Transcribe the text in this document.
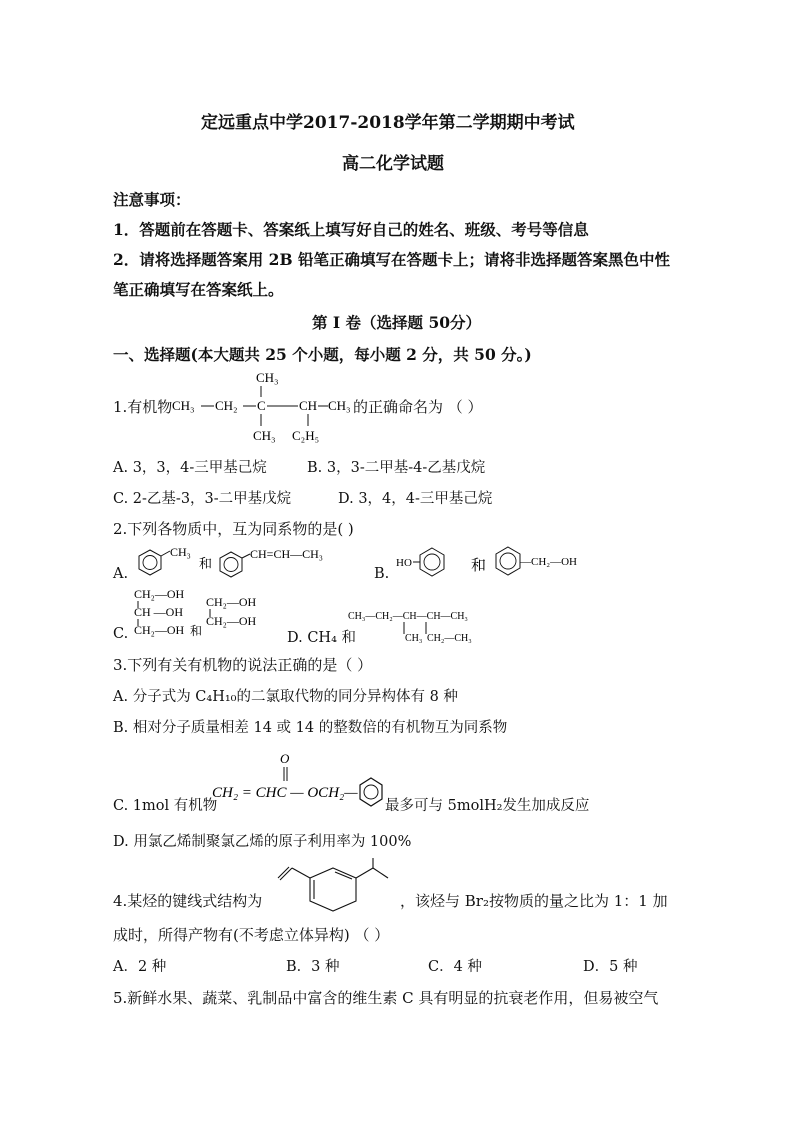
定远重点中学2017-2018学年第二学期期中考试
高二化学试题
注意事项：
1．答题前在答题卡、答案纸上填写好自己的姓名、班级、考号等信息
2．请将选择题答案用 2B 铅笔正确填写在答题卡上；请将非选择题答案黑色中性
笔正确填写在答案纸上。
第 I 卷（选择题 50分）
一、选择题(本大题共 25 个小题，每小题 2 分，共 50 分。)
1.有机物
CH₃
CH₃ CH₂ C	CH CH₃
CH₃ C₂H₅
的正确命名为 （ ）
A. 3，3，4-三甲基己烷	B. 3，3-二甲基-4-乙基戊烷
C. 2-乙基-3，3-二甲基戊烷	D. 3，4，4-三甲基己烷
2.下列各物质中，互为同系物的是( )
A.
CH₃
和
CH=CH—CH₃
B.
HO	和	—CH₂—OH
C.
CH₂—OH
CH —OH
CH₂—OH 和
CH₂—OH
CH₂—OH
D. CH₄ 和
CH₃—CH₂—CH—CH—CH₃
CH₃ CH₂—CH₃
3.下列有关有机物的说法正确的是（ ）
A. 分子式为 C₄H₁₀的二氯取代物的同分异构体有 8 种
B. 相对分子质量相差 14 或 14 的整数倍的有机物互为同系物
C. 1mol 有机物
O
CH₂ = CHC — OCH₂—
最多可与 5molH₂发生加成反应
D. 用氯乙烯制聚氯乙烯的原子利用率为 100%
4.某烃的键线式结构为	，该烃与 Br₂按物质的量之比为 1：1 加
成时，所得产物有(不考虑立体异构) （ ）
A．2 种	B．3 种	C．4 种	D．5 种
5.新鲜水果、蔬菜、乳制品中富含的维生素 C 具有明显的抗衰老作用，但易被空气
